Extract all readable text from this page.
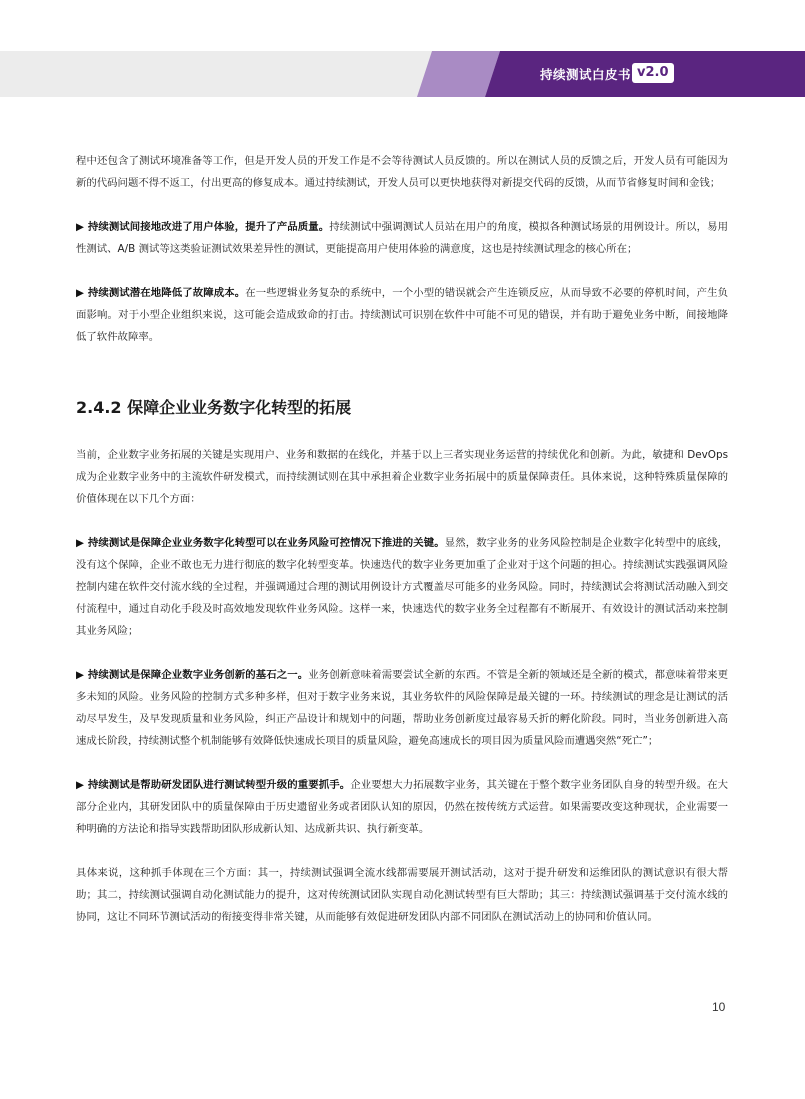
持续测试白皮书 v2.0

程中还包含了测试环境准备等工作，但是开发人员的开发工作是不会等待测试人员反馈的。所以在测试人员的反馈之后，开发人员有可能因为新的代码问题不得不返工，付出更高的修复成本。通过持续测试，开发人员可以更快地获得对新提交代码的反馈，从而节省修复时间和金钱；

▶ 持续测试间接地改进了用户体验，提升了产品质量。持续测试中强调测试人员站在用户的角度，模拟各种测试场景的用例设计。所以，易用性测试、A/B 测试等这类验证测试效果差异性的测试，更能提高用户使用体验的满意度，这也是持续测试理念的核心所在；

▶ 持续测试潜在地降低了故障成本。在一些逻辑业务复杂的系统中，一个小型的错误就会产生连锁反应，从而导致不必要的停机时间，产生负面影响。对于小型企业组织来说，这可能会造成致命的打击。持续测试可识别在软件中可能不可见的错误，并有助于避免业务中断，间接地降低了软件故障率。

2.4.2 保障企业业务数字化转型的拓展

当前，企业数字业务拓展的关键是实现用户、业务和数据的在线化，并基于以上三者实现业务运营的持续优化和创新。为此，敏捷和 DevOps 成为企业数字业务中的主流软件研发模式，而持续测试则在其中承担着企业数字业务拓展中的质量保障责任。具体来说，这种特殊质量保障的价值体现在以下几个方面：

▶ 持续测试是保障企业业务数字化转型可以在业务风险可控情况下推进的关键。显然，数字业务的业务风险控制是企业数字化转型中的底线，没有这个保障，企业不敢也无力进行彻底的数字化转型变革。快速迭代的数字业务更加重了企业对于这个问题的担心。持续测试实践强调风险控制内建在软件交付流水线的全过程，并强调通过合理的测试用例设计方式覆盖尽可能多的业务风险。同时，持续测试会将测试活动融入到交付流程中，通过自动化手段及时高效地发现软件业务风险。这样一来，快速迭代的数字业务全过程都有不断展开、有效设计的测试活动来控制其业务风险；

▶ 持续测试是保障企业数字业务创新的基石之一。业务创新意味着需要尝试全新的东西。不管是全新的领域还是全新的模式，都意味着带来更多未知的风险。业务风险的控制方式多种多样，但对于数字业务来说，其业务软件的风险保障是最关键的一环。持续测试的理念是让测试的活动尽早发生，及早发现质量和业务风险，纠正产品设计和规划中的问题，帮助业务创新度过最容易夭折的孵化阶段。同时，当业务创新进入高速成长阶段，持续测试整个机制能够有效降低快速成长项目的质量风险，避免高速成长的项目因为质量风险而遭遇突然“死亡”；

▶ 持续测试是帮助研发团队进行测试转型升级的重要抓手。企业要想大力拓展数字业务，其关键在于整个数字业务团队自身的转型升级。在大部分企业内，其研发团队中的质量保障由于历史遗留业务或者团队认知的原因，仍然在按传统方式运营。如果需要改变这种现状，企业需要一种明确的方法论和指导实践帮助团队形成新认知、达成新共识、执行新变革。

具体来说，这种抓手体现在三个方面：其一，持续测试强调全流水线都需要展开测试活动，这对于提升研发和运维团队的测试意识有很大帮助；其二，持续测试强调自动化测试能力的提升，这对传统测试团队实现自动化测试转型有巨大帮助；其三：持续测试强调基于交付流水线的协同，这让不同环节测试活动的衔接变得非常关键，从而能够有效促进研发团队内部不同团队在测试活动上的协同和价值认同。

10
